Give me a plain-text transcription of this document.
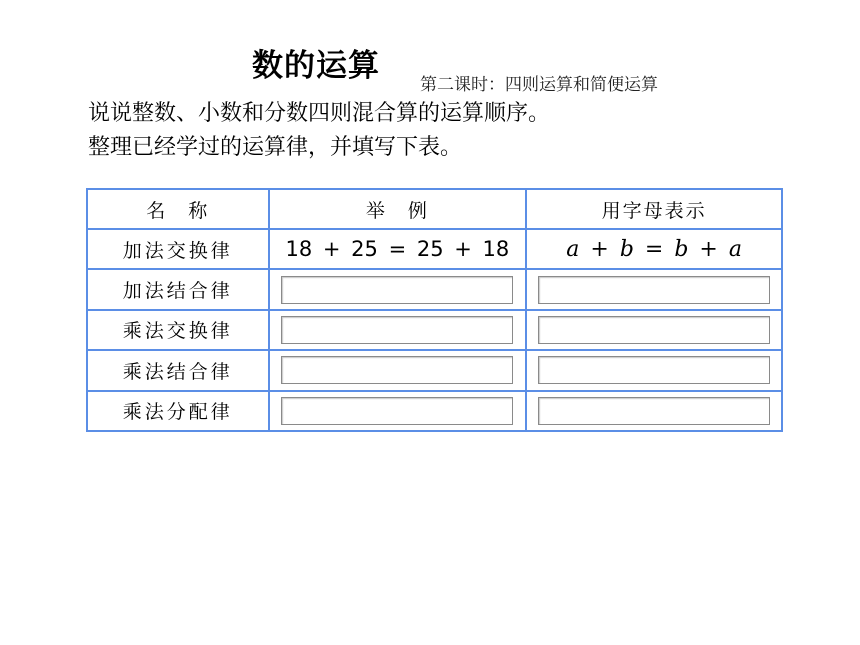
数的运算
第二课时：四则运算和简便运算
说说整数、小数和分数四则混合算的运算顺序。
整理已经学过的运算律，并填写下表。
名　称	举　例	用字母表示
加法交换律	18 + 25 = 25 + 18	a + b = b + a
加法结合律	

乘法交换律	

乘法结合律	

乘法分配律	
